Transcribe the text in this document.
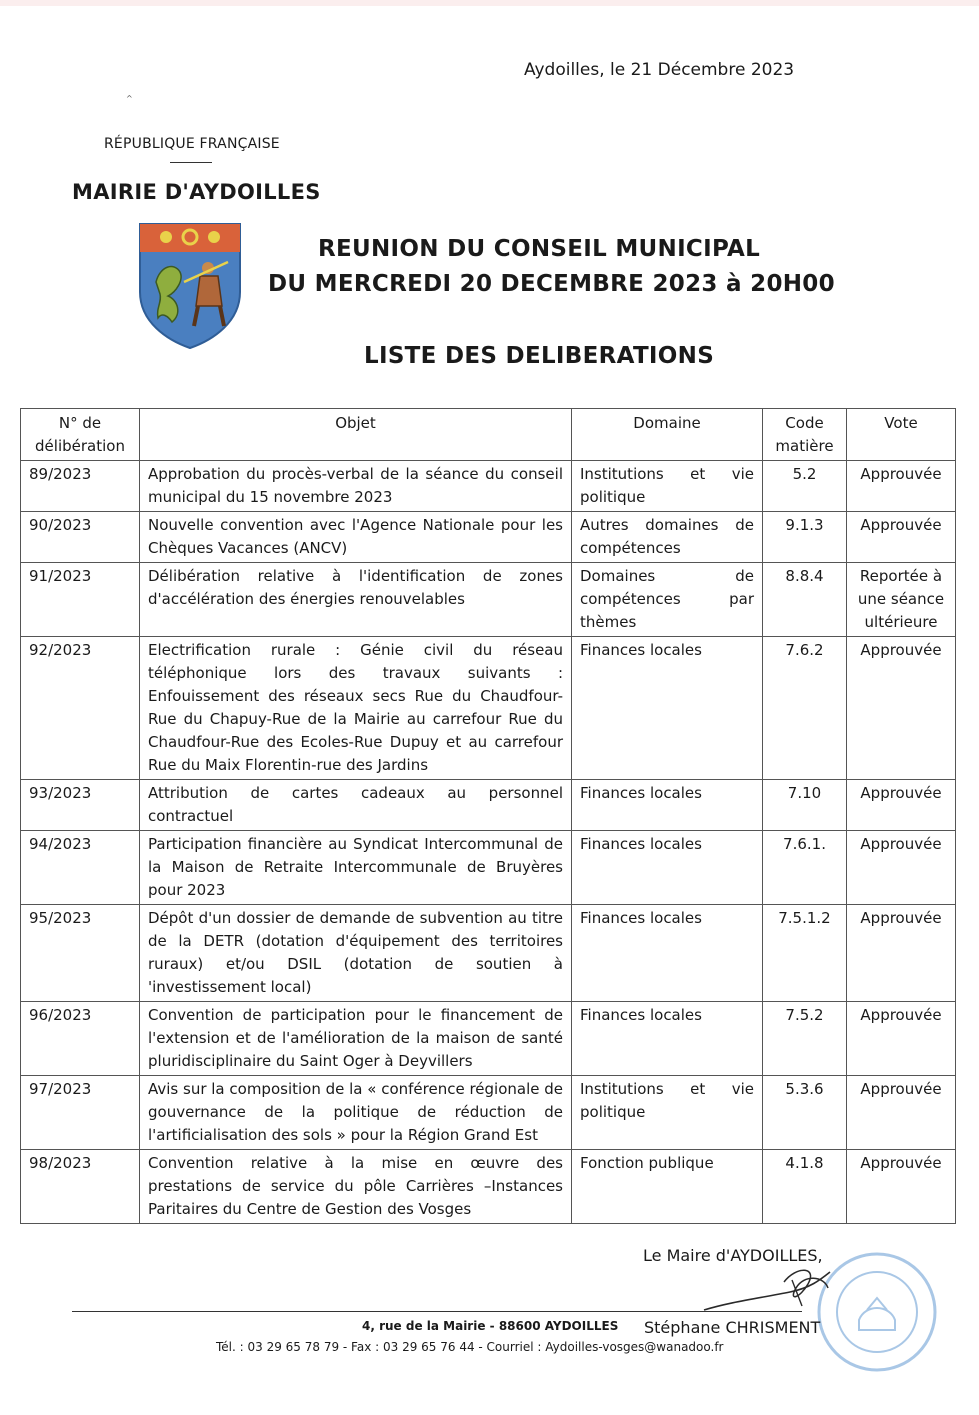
Aydoilles, le 21 Décembre 2023
^
RÉPUBLIQUE FRANÇAISE
MAIRIE D'AYDOILLES
REUNION DU CONSEIL MUNICIPAL
DU MERCREDI 20 DECEMBRE 2023 à 20H00
LISTE DES DELIBERATIONS
N° de délibération	Objet	Domaine	Code matière	Vote
89/2023	Approbation du procès-verbal de la séance du conseil municipal du 15 novembre 2023	Institutions et vie politique	5.2	Approuvée
90/2023	Nouvelle convention avec l'Agence Nationale pour les Chèques Vacances (ANCV)	Autres domaines de compétences	9.1.3	Approuvée
91/2023	Délibération relative à l'identification de zones d'accélération des énergies renouvelables	Domaines de compétences par thèmes	8.8.4	Reportée à une séance ultérieure
92/2023	Electrification rurale : Génie civil du réseau téléphonique lors des travaux suivants : Enfouissement des réseaux secs Rue du Chaudfour-Rue du Chapuy-Rue de la Mairie au carrefour Rue du Chaudfour-Rue des Ecoles-Rue Dupuy et au carrefour Rue du Maix Florentin-rue des Jardins	Finances locales	7.6.2	Approuvée
93/2023	Attribution de cartes cadeaux au personnel contractuel	Finances locales	7.10	Approuvée
94/2023	Participation financière au Syndicat Intercommunal de la Maison de Retraite Intercommunale de Bruyères pour 2023	Finances locales	7.6.1.	Approuvée
95/2023	Dépôt d'un dossier de demande de subvention au titre de la DETR (dotation d'équipement des territoires ruraux) et/ou DSIL (dotation de soutien à 'investissement local)	Finances locales	7.5.1.2	Approuvée
96/2023	Convention de participation pour le financement de l'extension et de l'amélioration de la maison de santé pluridisciplinaire du Saint Oger à Deyvillers	Finances locales	7.5.2	Approuvée
97/2023	Avis sur la composition de la « conférence régionale de gouvernance de la politique de réduction de l'artificialisation des sols » pour la Région Grand Est	Institutions et vie politique	5.3.6	Approuvée
98/2023	Convention relative à la mise en œuvre des prestations de service du pôle Carrières –Instances Paritaires du Centre de Gestion des Vosges	Fonction publique	4.1.8	Approuvée
Le Maire d'AYDOILLES,
4, rue de la Mairie - 88600 AYDOILLES Stéphane CHRISMENT
Tél. : 03 29 65 78 79 - Fax : 03 29 65 76 44 - Courriel : Aydoilles-vosges@wanadoo.fr
